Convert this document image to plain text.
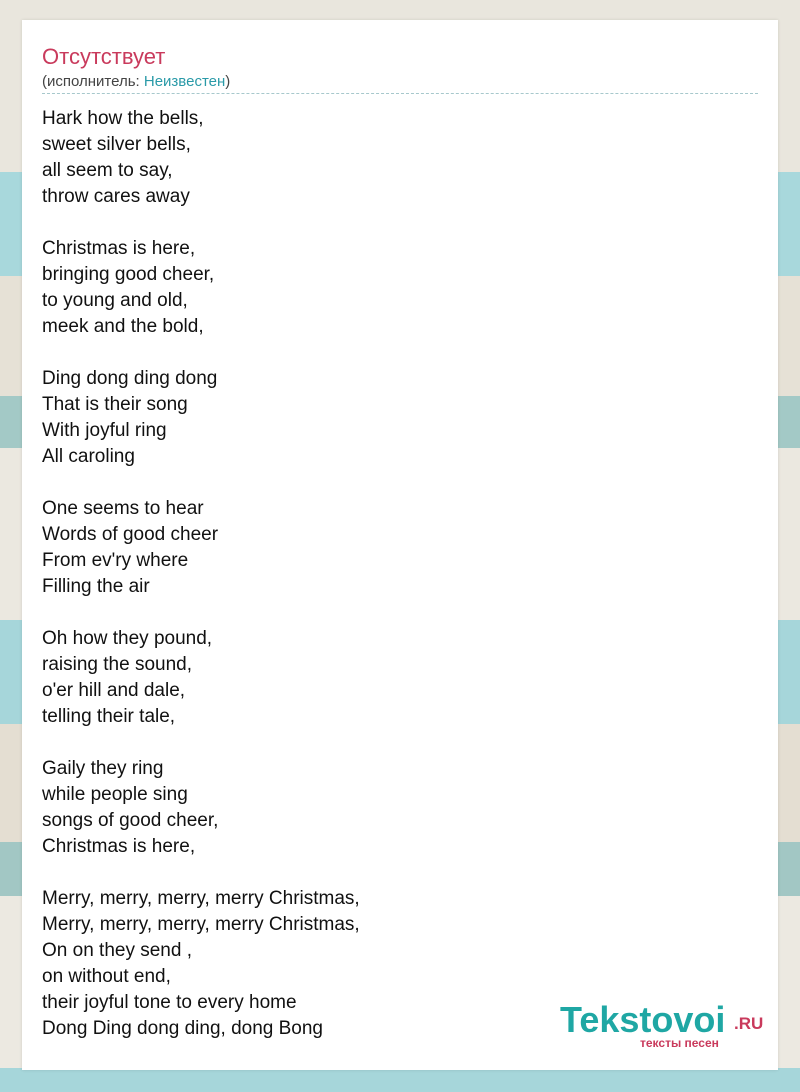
Отсутствует
(исполнитель: Неизвестен)
Hark how the bells,
sweet silver bells,
all seem to say,
throw cares away
Christmas is here,
bringing good cheer,
to young and old,
meek and the bold,
Ding dong ding dong
That is their song
With joyful ring
All caroling
One seems to hear
Words of good cheer
From ev'ry where
Filling the air
Oh how they pound,
raising the sound,
o'er hill and dale,
telling their tale,
Gaily they ring
while people sing
songs of good cheer,
Christmas is here,
Merry, merry, merry, merry Christmas,
Merry, merry, merry, merry Christmas,
On on they send ,
on without end,
their joyful tone to every home
Dong Ding dong ding, dong Bong	Tekstovoi .RU
тексты песен
